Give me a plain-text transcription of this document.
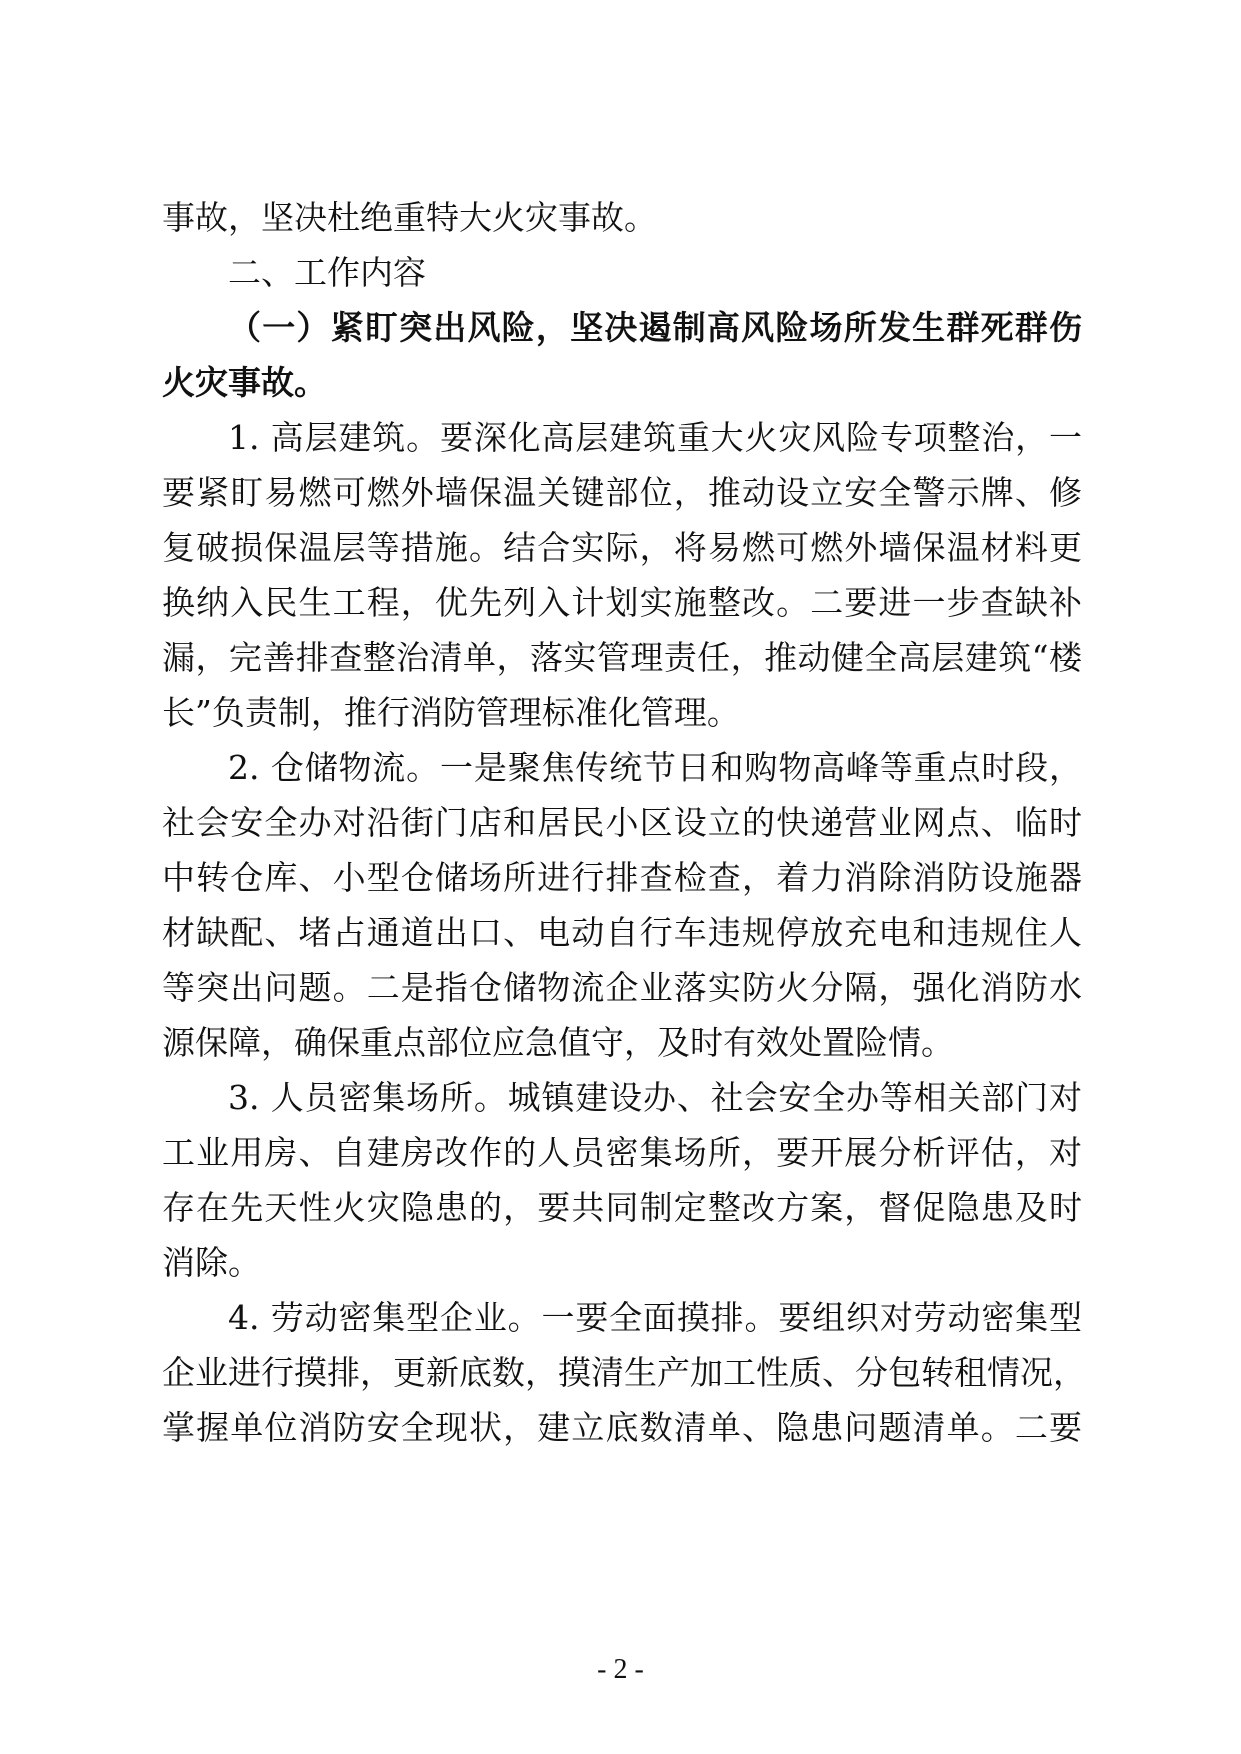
事故，坚决杜绝重特大火灾事故。
二、工作内容
（一）紧盯突出风险，坚决遏制高风险场所发生群死群伤
火灾事故。
1. 高层建筑。要深化高层建筑重大火灾风险专项整治，一
要紧盯易燃可燃外墙保温关键部位，推动设立安全警示牌、修
复破损保温层等措施。结合实际，将易燃可燃外墙保温材料更
换纳入民生工程，优先列入计划实施整改。二要进一步查缺补
漏，完善排查整治清单，落实管理责任，推动健全高层建筑“楼
长”负责制，推行消防管理标准化管理。
2. 仓储物流。一是聚焦传统节日和购物高峰等重点时段，
社会安全办对沿街门店和居民小区设立的快递营业网点、临时
中转仓库、小型仓储场所进行排查检查，着力消除消防设施器
材缺配、堵占通道出口、电动自行车违规停放充电和违规住人
等突出问题。二是指仓储物流企业落实防火分隔，强化消防水
源保障，确保重点部位应急值守，及时有效处置险情。
3. 人员密集场所。城镇建设办、社会安全办等相关部门对
工业用房、自建房改作的人员密集场所，要开展分析评估，对
存在先天性火灾隐患的，要共同制定整改方案，督促隐患及时
消除。
4. 劳动密集型企业。一要全面摸排。要组织对劳动密集型
企业进行摸排，更新底数，摸清生产加工性质、分包转租情况，
掌握单位消防安全现状，建立底数清单、隐患问题清单。二要
- 2 -
